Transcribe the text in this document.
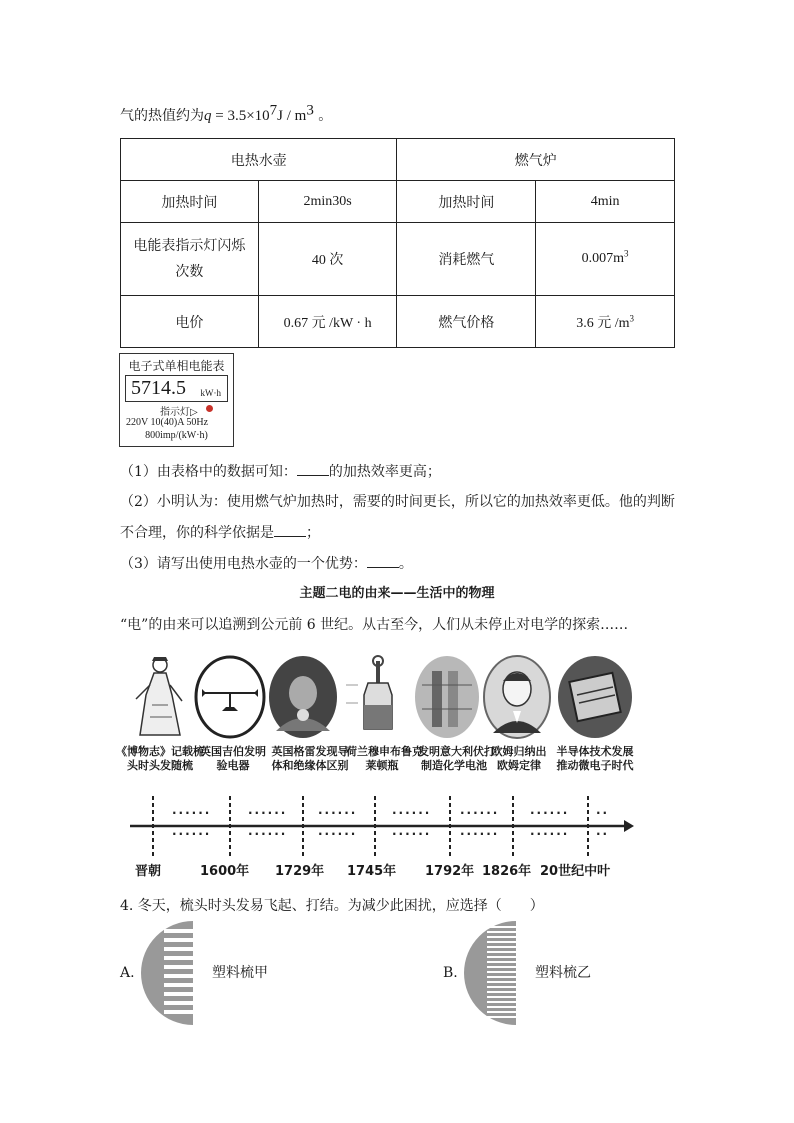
气的热值约为$q = 3.5\times 10^7J / m^3$ 。
电热水壶		燃气炉	
加热时间	2min30s	加热时间	4min

电能表指示灯闪烁
次数	40 次	消耗燃气	$0.007m^3$
电价	0.67 元 /kW · h	燃气价格	3.6 元 $/m^3$
电子式单相电能表
5714.5 kW·h
指示灯▷
220V 10(40)A 50Hz
800imp/(kW·h)
（1）由表格中的数据可知： 的加热效率更高；
（2）小明认为：使用燃气炉加热时，需要的时间更长，所以它的加热效率更低。他的判断
不合理，你的科学依据是 ；
（3）请写出使用电热水壶的一个优势： 。
主题二电的由来——生活中的物理
“电”的由来可以追溯到公元前 6 世纪。从古至今，人们从未停止对电学的探索……
《博物志》记载梳
头时头发随梳
英国吉伯发明
验电器
英国格雷发现导
体和绝缘体区别
荷兰穆申布鲁克
莱顿瓶
发明意大利伏打
制造化学电池
欧姆归纳出
欧姆定律
半导体技术发展
推动微电子时代
······
······
······
······
······
······
······
······
······
······
······
······
··
··
晋朝	1600年 1729年 1745年 1792年 1826年 20世纪中叶
4. 冬天，梳头时头发易飞起、打结。为减少此困扰，应选择（　　）
A.	塑料梳甲	B.	塑料梳乙
